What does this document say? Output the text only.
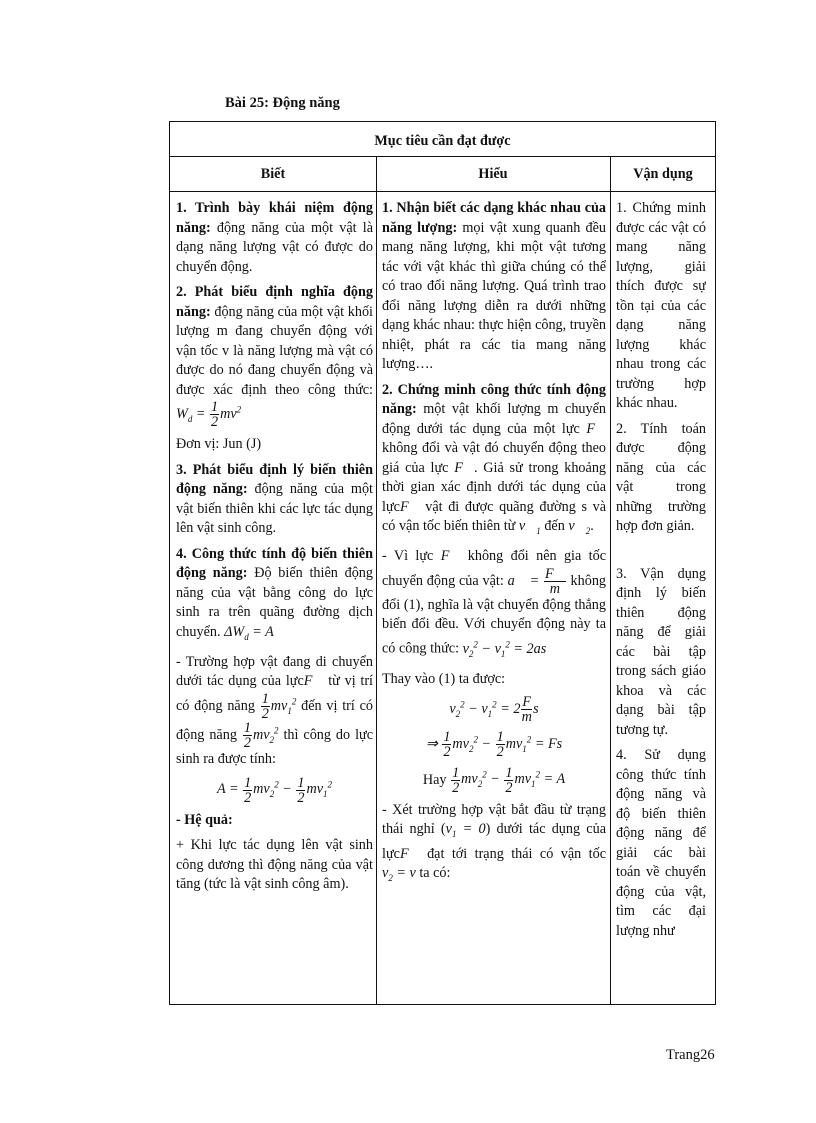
Bài 25: Động năng
Mục tiêu cần đạt được
Biết	Hiểu	Vận dụng

1. Trình bày khái niệm động năng: động năng của một vật là dạng năng lượng vật có được do chuyển động.

2. Phát biểu định nghĩa động năng: động năng của một vật khối lượng m đang chuyển động với vận tốc v là năng lượng mà vật có được do nó đang chuyển động và được xác định theo công thức: $W_d = \frac{1}{2} mv^2$

Đơn vị: Jun (J)

3. Phát biểu định lý biến thiên động năng: động năng của một vật biến thiên khi các lực tác dụng lên vật sinh công.

4. Công thức tính độ biến thiên động năng: Độ biến thiên động năng của vật bằng công do lực sinh ra trên quãng đường dịch chuyển. $\Delta W_d = A$

- Trường hợp vật đang di chuyển dưới tác dụng của lựcF⃗ từ vị trí có động năng $\frac{1}{2} mv_1^2$ đến vị trí có động năng $\frac{1}{2} mv_2^2$ thì công do lực sinh ra được tính:

$A = \frac{1}{2} mv_2^2 - \frac{1}{2} mv_1^2$

- Hệ quả:

+ Khi lực tác dụng lên vật sinh công dương thì động năng của vật tăng (tức là vật sinh công âm).

1. Nhận biết các dạng khác nhau của năng lượng: mọi vật xung quanh đều mang năng lượng, khi một vật tương tác với vật khác thì giữa chúng có thể có trao đổi năng lượng. Quá trình trao đổi năng lượng diễn ra dưới những dạng khác nhau: thực hiện công, truyền nhiệt, phát ra các tia mang năng lượng….

2. Chứng minh công thức tính động năng: một vật khối lượng m chuyển động dưới tác dụng của một lực F⃗ không đổi và vật đó chuyển động theo giá của lực F⃗. Giả sử trong khoảng thời gian xác định dưới tác dụng của lựcF⃗ vật đi được quãng đường s và có vận tốc biến thiên từ $v⃗_1$ đến $v⃗_2$.

- Vì lực F⃗ không đổi nên gia tốc chuyển động của vật: a⃗ = $\frac{F⃗}{m}$ không đổi (1), nghĩa là vật chuyển động thẳng biến đổi đều. Với chuyển động này ta có công thức: $v_2^2 - v_1^2 = 2as$

Thay vào (1) ta được:

$v_2^2 - v_1^2 = 2 \frac{F}{m}$ s

⇒ $\frac{1}{2} mv_2^2 - \frac{1}{2} mv_1^2 = Fs$

Hay $\frac{1}{2} mv_2^2 - \frac{1}{2} mv_1^2 = A$

- Xét trường hợp vật bắt đầu từ trạng thái nghỉ $(v_1 = 0)$ dưới tác dụng của lựcF⃗ đạt tới trạng thái có vận tốc $v_2 = v$ ta có:

1. Chứng minh được các vật có mang năng lượng, giải thích được sự tồn tại của các dạng năng lượng khác nhau trong các trường hợp khác nhau.

2. Tính toán được động năng của các vật trong những trường hợp đơn giản.

3. Vận dụng định lý biến thiên động năng để giải các bài tập trong sách giáo khoa và các dạng bài tập tương tự.

4. Sử dụng công thức tính động năng và độ biến thiên động năng để giải các bài toán về chuyển động của vật, tìm các đại lượng như

Trang26
